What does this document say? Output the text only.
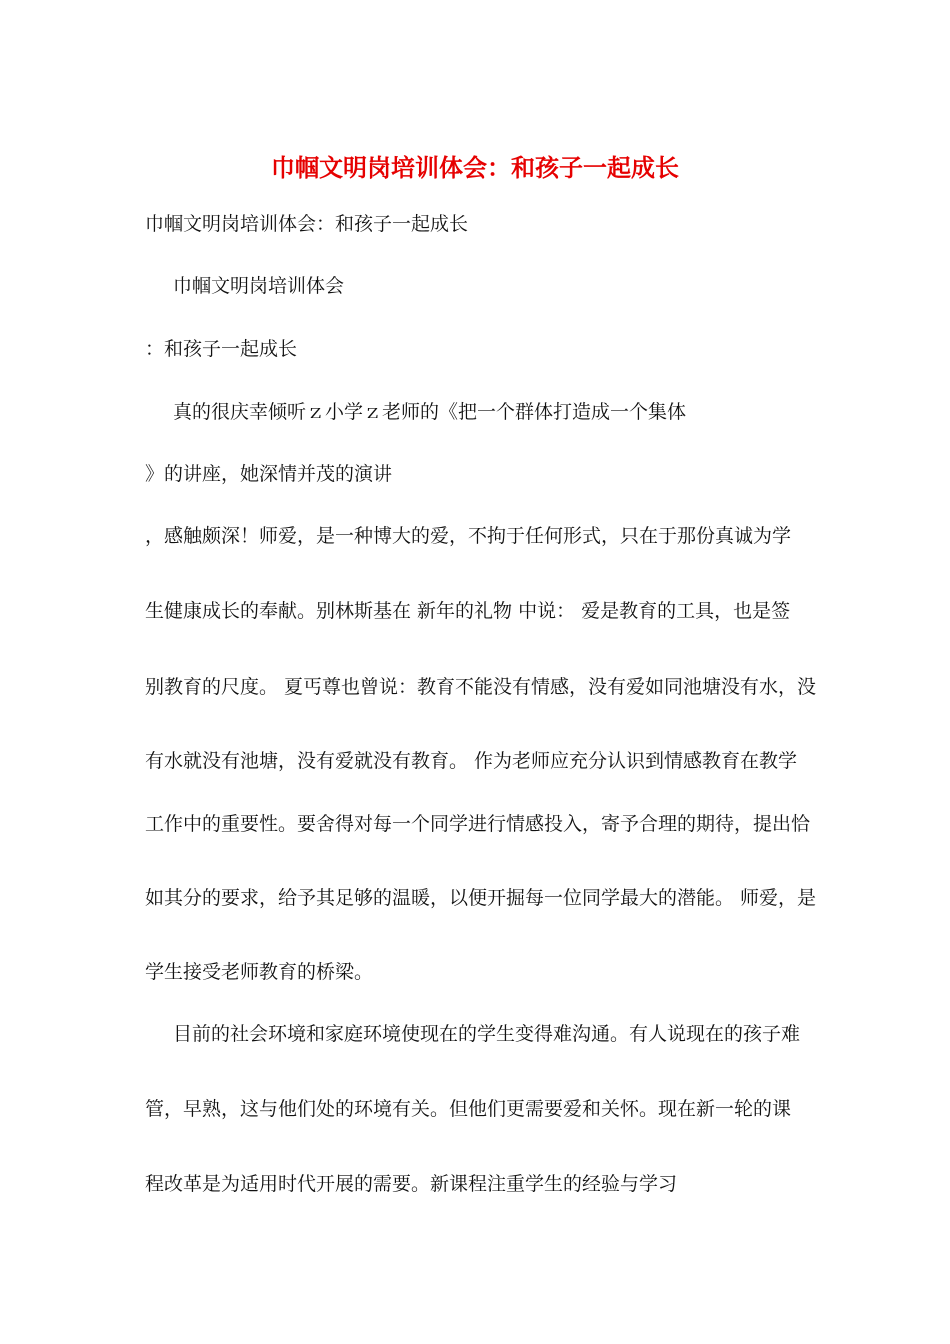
巾帼文明岗培训体会：和孩子一起成长
巾帼文明岗培训体会：和孩子一起成长
巾帼文明岗培训体会
：和孩子一起成长
真的很庆幸倾听ｚ小学ｚ老师的《把一个群体打造成一个集体
》的讲座，她深情并茂的演讲
，感触颇深！师爱，是一种博大的爱，不拘于任何形式，只在于那份真诚为学
生健康成长的奉献。别林斯基在 新年的礼物 中说： 爱是教育的工具，也是签
别教育的尺度。 夏丐尊也曾说：教育不能没有情感，没有爱如同池塘没有水，没
有水就没有池塘，没有爱就没有教育。 作为老师应充分认识到情感教育在教学
工作中的重要性。要舍得对每一个同学进行情感投入，寄予合理的期待，提出恰
如其分的要求，给予其足够的温暖，以便开掘每一位同学最大的潜能。 师爱，是
学生接受老师教育的桥梁。
目前的社会环境和家庭环境使现在的学生变得难沟通。有人说现在的孩子难
管，早熟，这与他们处的环境有关。但他们更需要爱和关怀。现在新一轮的课
程改革是为适用时代开展的需要。新课程注重学生的经验与学习
